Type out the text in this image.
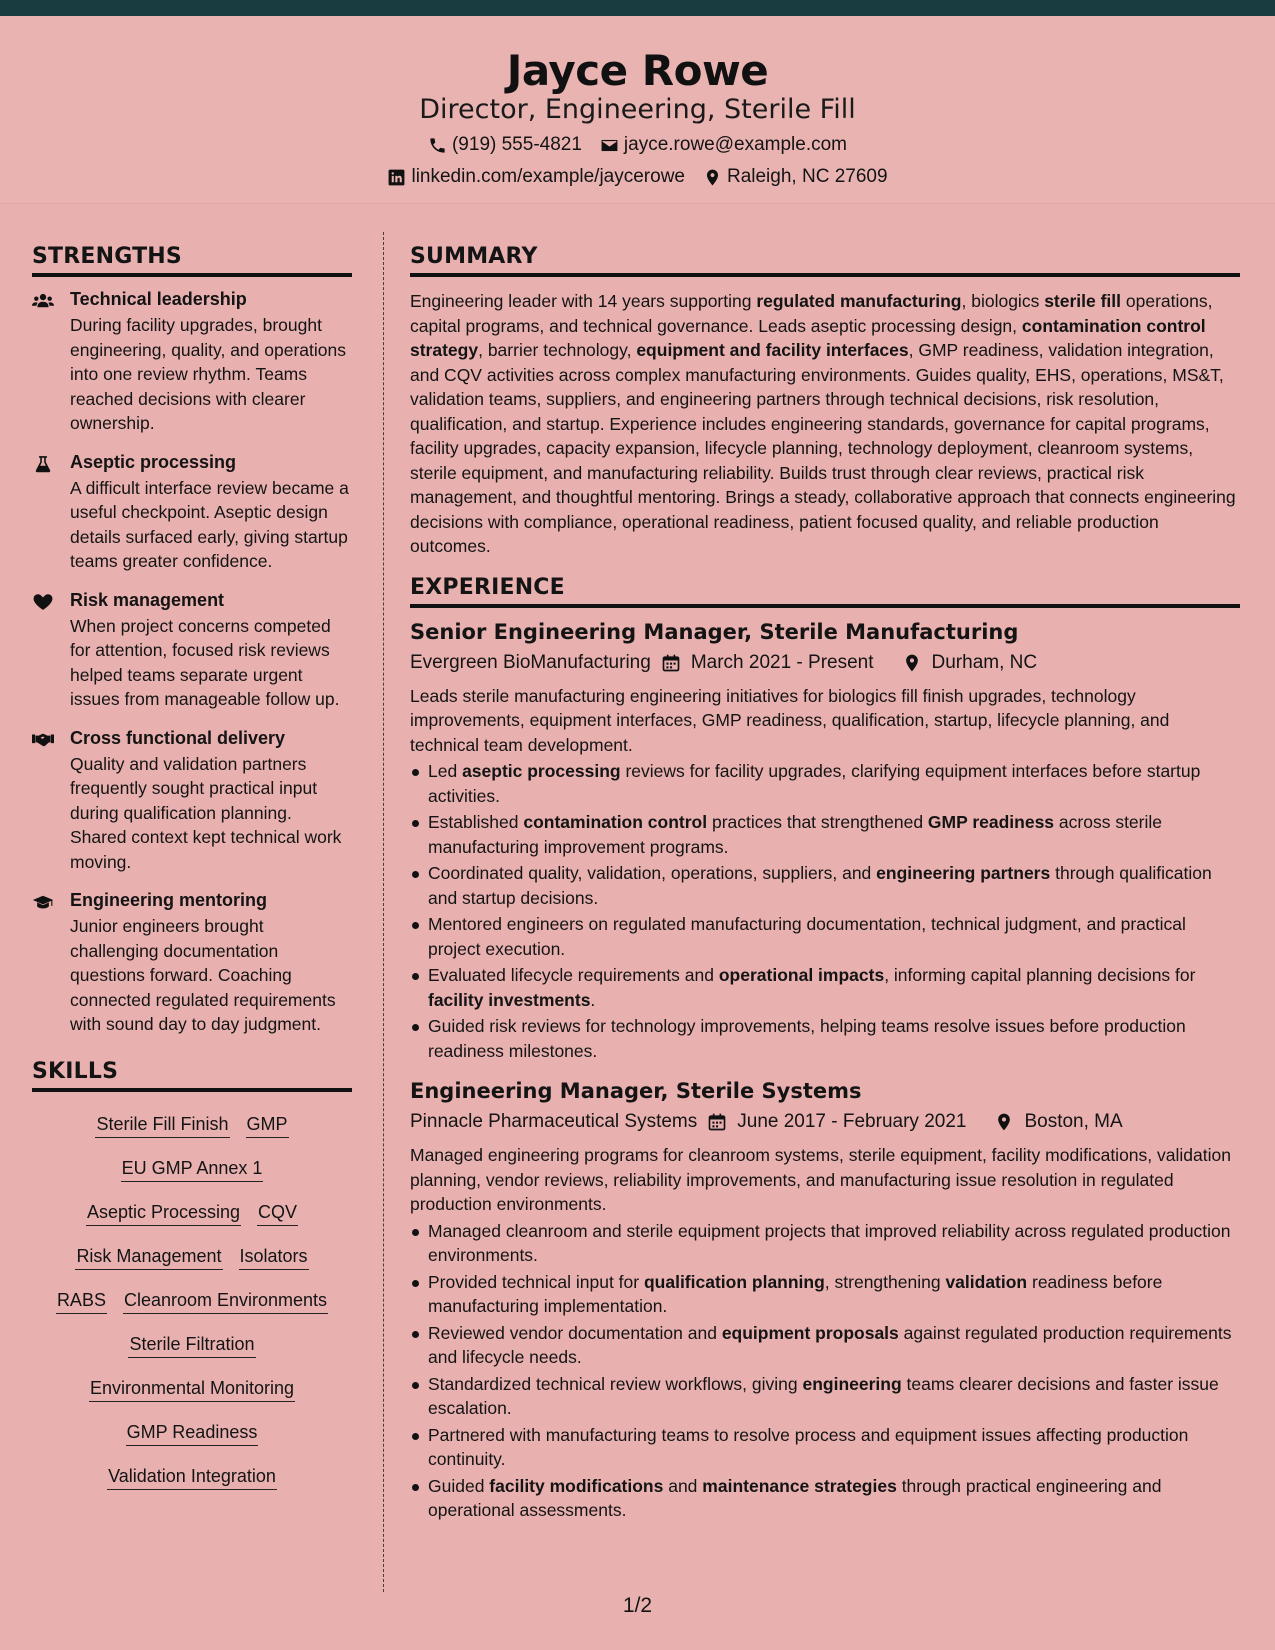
Jayce Rowe
Director, Engineering, Sterile Fill
(919) 555-4821 jayce.rowe@example.com
linkedin.com/example/jaycerowe Raleigh, NC 27609
STRENGTHS
Technical leadership
During facility upgrades, brought engineering, quality, and operations into one review rhythm. Teams reached decisions with clearer ownership.
Aseptic processing
A difficult interface review became a useful checkpoint. Aseptic design details surfaced early, giving startup teams greater confidence.
Risk management
When project concerns competed for attention, focused risk reviews helped teams separate urgent issues from manageable follow up.
Cross functional delivery
Quality and validation partners frequently sought practical input during qualification planning. Shared context kept technical work moving.
Engineering mentoring
Junior engineers brought challenging documentation questions forward. Coaching connected regulated requirements with sound day to day judgment.
SKILLS
Sterile Fill Finish GMP
EU GMP Annex 1
Aseptic Processing CQV
Risk Management Isolators
RABS Cleanroom Environments
Sterile Filtration
Environmental Monitoring
GMP Readiness
Validation Integration
SUMMARY

Engineering leader with 14 years supporting regulated manufacturing, biologics sterile fill operations, capital programs, and technical governance. Leads aseptic processing design, contamination control strategy, barrier technology, equipment and facility interfaces, GMP readiness, validation integration, and CQV activities across complex manufacturing environments. Guides quality, EHS, operations, MS&T, validation teams, suppliers, and engineering partners through technical decisions, risk resolution, qualification, and startup. Experience includes engineering standards, governance for capital programs, facility upgrades, capacity expansion, lifecycle planning, technology deployment, cleanroom systems, sterile equipment, and manufacturing reliability. Builds trust through clear reviews, practical risk management, and thoughtful mentoring. Brings a steady, collaborative approach that connects engineering decisions with compliance, operational readiness, patient focused quality, and reliable production outcomes.

EXPERIENCE
Senior Engineering Manager, Sterile Manufacturing
Evergreen BioManufacturing March 2021 - Present	Durham, NC
Leads sterile manufacturing engineering initiatives for biologics fill finish upgrades, technology improvements, equipment interfaces, GMP readiness, qualification, startup, lifecycle planning, and technical team development.
Led aseptic processing reviews for facility upgrades, clarifying equipment interfaces before startup activities.
Established contamination control practices that strengthened GMP readiness across sterile manufacturing improvement programs.
Coordinated quality, validation, operations, suppliers, and engineering partners through qualification and startup decisions.
Mentored engineers on regulated manufacturing documentation, technical judgment, and practical project execution.
Evaluated lifecycle requirements and operational impacts, informing capital planning decisions for facility investments.
Guided risk reviews for technology improvements, helping teams resolve issues before production readiness milestones.
Engineering Manager, Sterile Systems
Pinnacle Pharmaceutical Systems June 2017 - February 2021	Boston, MA
Managed engineering programs for cleanroom systems, sterile equipment, facility modifications, validation planning, vendor reviews, reliability improvements, and manufacturing issue resolution in regulated production environments.
Managed cleanroom and sterile equipment projects that improved reliability across regulated production environments.
Provided technical input for qualification planning, strengthening validation readiness before manufacturing implementation.
Reviewed vendor documentation and equipment proposals against regulated production requirements and lifecycle needs.
Standardized technical review workflows, giving engineering teams clearer decisions and faster issue escalation.
Partnered with manufacturing teams to resolve process and equipment issues affecting production continuity.
Guided facility modifications and maintenance strategies through practical engineering and operational assessments.
1/2
